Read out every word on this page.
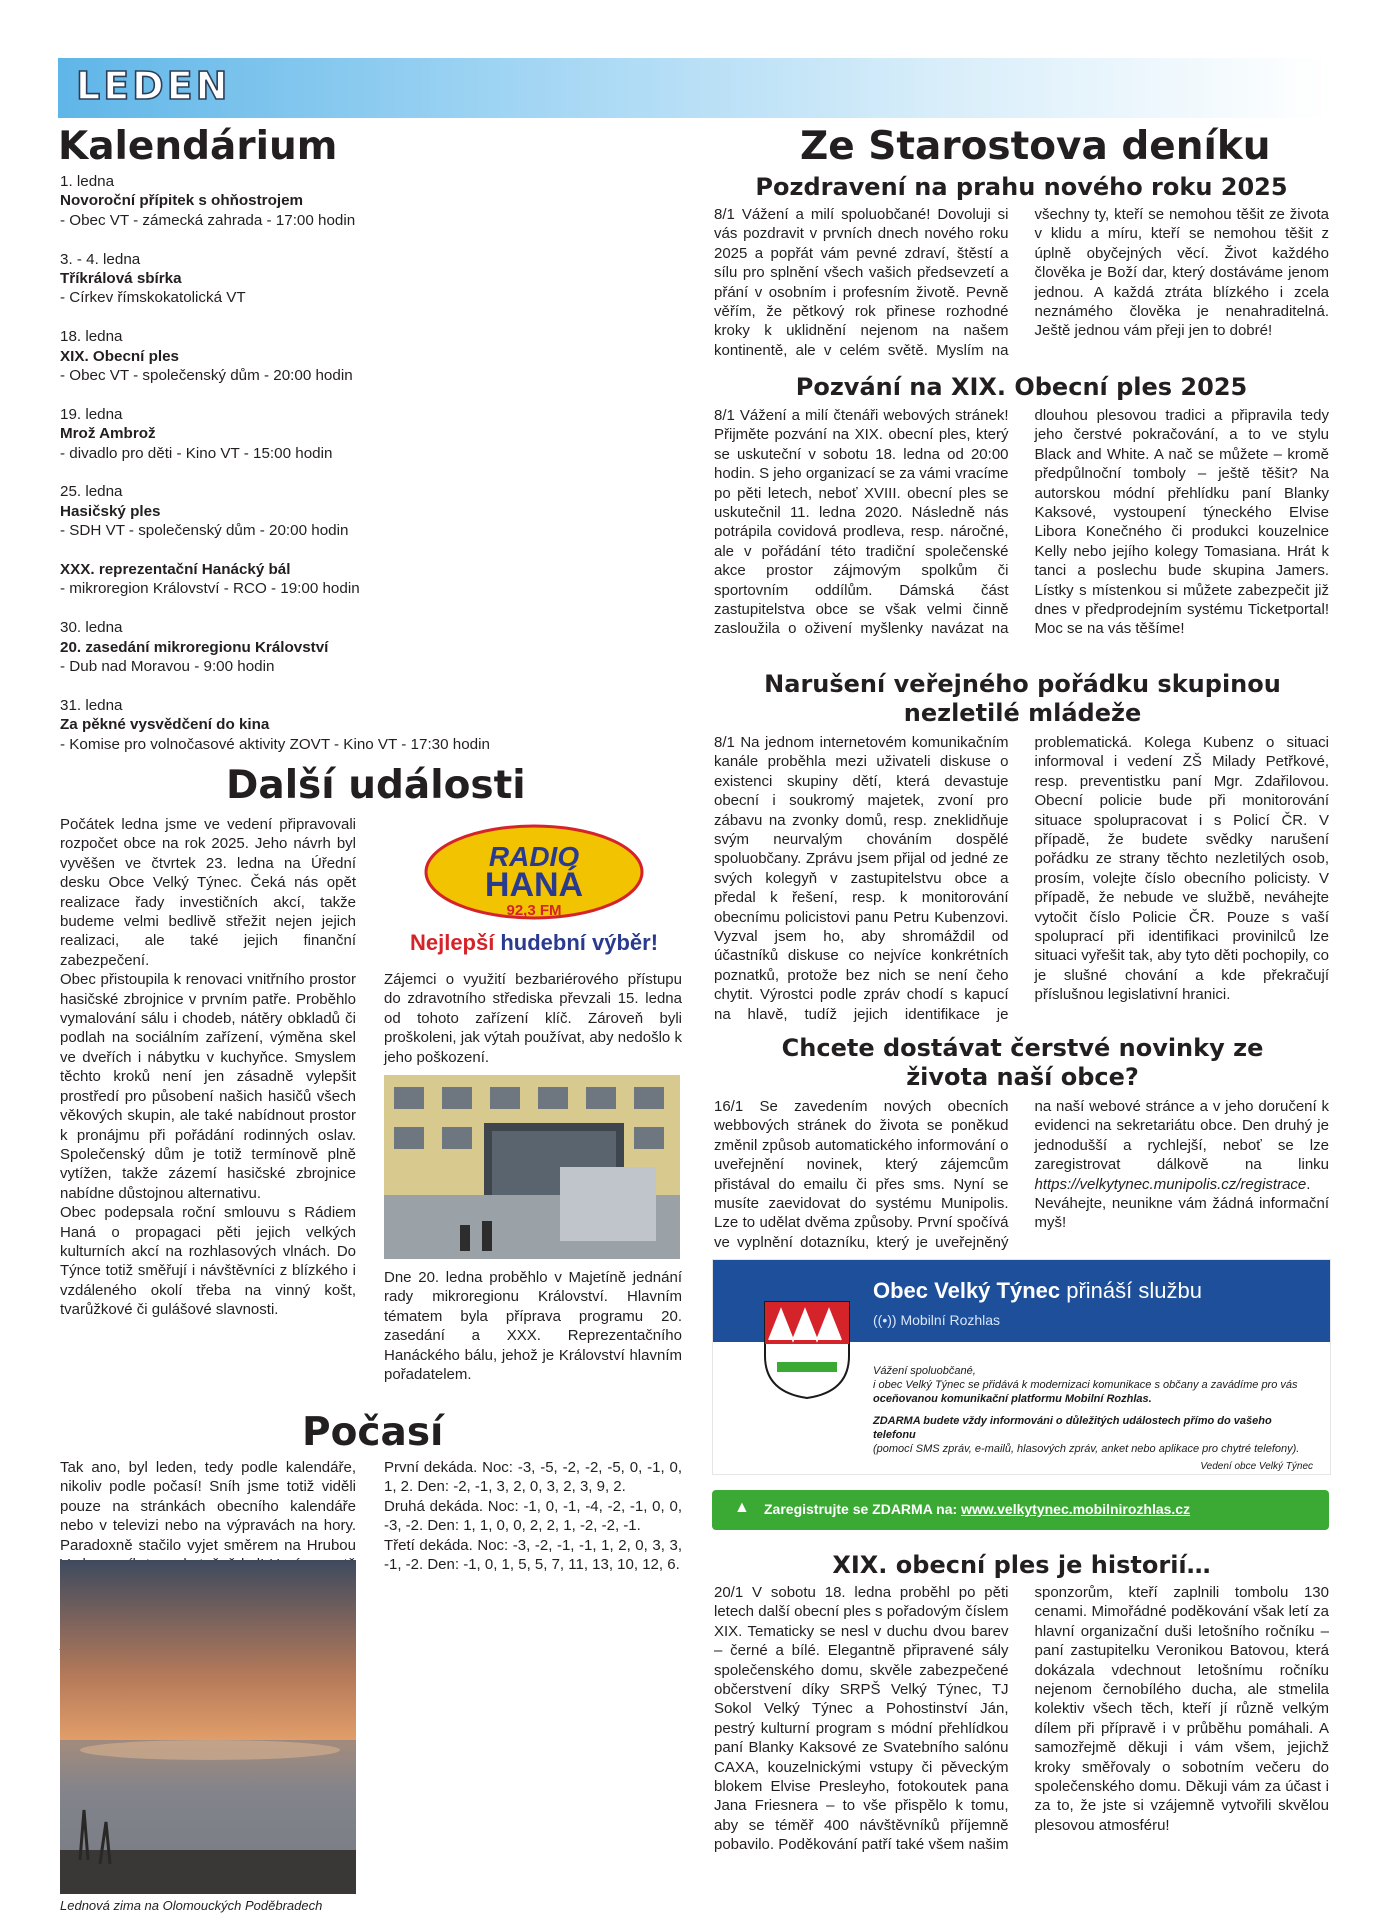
LEDEN
Kalendárium
1. ledna
Novoroční přípitek s ohňostrojem
- Obec VT - zámecká zahrada - 17:00 hodin
3. - 4. ledna
Tříkrálová sbírka
- Církev římskokatolická VT
18. ledna
XIX. Obecní ples
- Obec VT - společenský dům - 20:00 hodin
19. ledna
Mrož Ambrož
- divadlo pro děti - Kino VT - 15:00 hodin
25. ledna
Hasičský ples
- SDH VT - společenský dům - 20:00 hodin
XXX. reprezentační Hanácký bál
- mikroregion Království - RCO - 19:00 hodin
30. ledna
20. zasedání mikroregionu Království
- Dub nad Moravou - 9:00 hodin
31. ledna
Za pěkné vysvědčení do kina
- Komise pro volnočasové aktivity ZOVT - Kino VT - 17:30 hodin
Další události

Počátek ledna jsme ve vedení připravovali rozpočet obce na rok 2025. Jeho návrh byl vyvěšen ve čtvrtek 23. ledna na Úřední desku Obce Velký Týnec. Čeká nás opět realizace řady investičních akcí, takže budeme velmi bedlivě střežit nejen jejich realizaci, ale také jejich finanční zabezpečení.

Obec přistoupila k renovaci vnitřního prostor hasičské zbrojnice v prvním patře. Proběhlo vymalování sálu i chodeb, nátěry obkladů či podlah na sociálním zařízení, výměna skel ve dveřích i nábytku v kuchyňce. Smyslem těchto kroků není jen zásadně vylepšit prostředí pro působení našich hasičů všech věkových skupin, ale také nabídnout prostor k pronájmu při pořádání rodinných oslav. Společenský dům je totiž termínově plně vytížen, takže zázemí hasičské zbrojnice nabídne důstojnou alternativu.

Obec podepsala roční smlouvu s Rádiem Haná o propagaci pěti jejich velkých kulturních akcí na rozhlasových vlnách. Do Týnce totiž směřují i návštěvníci z blízkého i vzdáleného okolí třeba na vinný košt, tvarůžkové či gulášové slavnosti.

RADIO
HANÁ
92,3 FM
Nejlepší hudební výběr!
Zájemci o využití bezbariérového přístupu do zdravotního střediska převzali 15. ledna od tohoto zařízení klíč. Zároveň byli proškoleni, jak výtah používat, aby nedošlo k jeho poškození.
Dne 20. ledna proběhlo v Majetíně jednání rady mikroregionu Království. Hlavním tématem byla příprava programu 20. zasedání a XXX. Reprezentačního Hanáckého bálu, jehož je Království hlavním pořadatelem.
Počasí
Tak ano, byl leden, tedy podle kalendáře, nikoliv podle počasí! Sníh jsme totiž viděli pouze na stránkách obecního kalendáře nebo v televizi nebo na výpravách na hory. Paradoxně stačilo vyjet směrem na Hrubou
Lednová zima na Olomouckých Poděbradech

První dekáda. Noc: -3, -5, -2, -2, -5, 0, -1, 0, 1, 2. Den: -2, -1, 3, 2, 0, 3, 2, 3, 9, 2.

Druhá dekáda. Noc: -1, 0, -1, -4, -2, -1, 0, 0, -3, -2. Den: 1, 1, 0, 0, 2, 2, 1, -2, -2, -1.

Třetí dekáda. Noc: -3, -2, -1, -1, 1, 2, 0, 3, 3, -1, -2. Den: -1, 0, 1, 5, 5, 7, 11, 13, 10, 12, 6.

Ze Starostova deníku
Pozdravení na prahu nového roku 2025
8/1 Vážení a milí spoluobčané! Dovoluji si vás pozdravit v prvních dnech nového roku 2025 a popřát vám pevné zdraví, štěstí a sílu pro splnění všech vašich předsevzetí a přání v osobním i profesním životě. Pevně věřím, že pětkový rok přinese rozhodné kroky k uklidnění nejenom na našem kontinentě, ale v celém světě. Myslím na všechny ty, kteří se nemohou těšit ze života v klidu a míru, kteří se nemohou těšit z úplně obyčejných věcí. Život každého člověka je Boží dar, který dostáváme jenom jednou. A každá ztráta blízkého i zcela neznámého člověka je nenahraditelná. Ještě jednou vám přeji jen to dobré!
Pozvání na XIX. Obecní ples 2025
8/1 Vážení a milí čtenáři webových stránek! Přijměte pozvání na XIX. obecní ples, který se uskuteční v sobotu 18. ledna od 20:00 hodin. S jeho organizací se za vámi vracíme po pěti letech, neboť XVIII. obecní ples se uskutečnil 11. ledna 2020. Následně nás potrápila covidová prodleva, resp. náročné, ale v pořádání této tradiční společenské akce prostor zájmovým spolkům či sportovním oddílům. Dámská část zastupitelstva obce se však velmi činně zasloužila o oživení myšlenky navázat na dlouhou plesovou tradici a připravila tedy jeho čerstvé pokračování, a to ve stylu Black and White. A nač se můžete – kromě předpůlnoční tomboly – ještě těšit? Na autorskou módní přehlídku paní Blanky Kaksové, vystoupení týneckého Elvise Libora Konečného či produkci kouzelnice Kelly nebo jejího kolegy Tomasiana. Hrát k tanci a poslechu bude skupina Jamers. Lístky s místenkou si můžete zabezpečit již dnes v předprodejním systému Ticketportal! Moc se na vás těšíme!
Narušení veřejného pořádku skupinou nezletilé mládeže
8/1 Na jednom internetovém komunikačním kanále proběhla mezi uživateli diskuse o existenci skupiny dětí, která devastuje obecní i soukromý majetek, zvoní pro zábavu na zvonky domů, resp. zneklidňuje svým neurvalým chováním dospělé spoluobčany. Zprávu jsem přijal od jedné ze svých kolegyň v zastupitelstvu obce a předal k řešení, resp. k monitorování obecnímu policistovi panu Petru Kubenzovi. Vyzval jsem ho, aby shromáždil od účastníků diskuse co nejvíce konkrétních poznatků, protože bez nich se není čeho chytit. Výrostci podle zpráv chodí s kapucí na hlavě, tudíž jejich identifikace je problematická. Kolega Kubenz o situaci informoval i vedení ZŠ Milady Petřkové, resp. preventistku paní Mgr. Zdařilovou. Obecní policie bude při monitorování situace spolupracovat i s Policí ČR. V případě, že budete svědky narušení pořádku ze strany těchto nezletilých osob, prosím, volejte číslo obecního policisty. V případě, že nebude ve službě, neváhejte vytočit číslo Policie ČR. Pouze s vaší spoluprací při identifikaci provinilců lze situaci vyřešit tak, aby tyto děti pochopily, co je slušné chování a kde překračují příslušnou legislativní hranici.
Chcete dostávat čerstvé novinky ze života naší obce?
16/1 Se zavedením nových obecních webbových stránek do života se poněkud změnil způsob automatického informování o uveřejnění novinek, který zájemcům přistával do emailu či přes sms. Nyní se musíte zaevidovat do systému Munipolis. Lze to udělat dvěma způsoby. První spočívá ve vyplnění dotazníku, který je uveřejněný na naší webové stránce a v jeho doručení k evidenci na sekretariátu obce. Den druhý je jednodušší a rychlejší, neboť se lze zaregistrovat dálkově na linku https://velkytynec.munipolis.cz/registrace. Neváhejte, neunikne vám žádná informační myš!
Obec Velký Týnec přináší službu
((•)) Mobilní Rozhlas
Vážení spoluobčané,
i obec Velký Týnec se přidává k modernizaci komunikace s občany a zavádíme pro vás
oceňovanou komunikační platformu Mobilní Rozhlas.
ZDARMA budete vždy informováni o důležitých událostech přímo do vašeho telefonu
(pomocí SMS zpráv, e-mailů, hlasových zpráv, anket nebo aplikace pro chytré telefony).
Vedení obce Velký Týnec
▲ Zaregistrujte se ZDARMA na: www.velkytynec.mobilnirozhlas.cz
XIX. obecní ples je historií…
20/1 V sobotu 18. ledna proběhl po pěti letech další obecní ples s pořadovým číslem XIX. Tematicky se nesl v duchu dvou barev – černé a bílé. Elegantně připravené sály společenského domu, skvěle zabezpečené občerstvení díky SRPŠ Velký Týnec, TJ Sokol Velký Týnec a Pohostinství Ján, pestrý kulturní program s módní přehlídkou paní Blanky Kaksové ze Svatebního salónu CAXA, kouzelnickými vstupy či pěveckým blokem Elvise Presleyho, fotokoutek pana Jana Friesnera – to vše přispělo k tomu, aby se téměř 400 návštěvníků příjemně pobavilo. Poděkování patří také všem našim sponzorům, kteří zaplnili tombolu 130 cenami. Mimořádné poděkování však letí za hlavní organizační duši letošního ročníku – paní zastupitelku Veronikou Batovou, která dokázala vdechnout letošnímu ročníku nejenom černobílého ducha, ale stmelila kolektiv všech těch, kteří jí různě velkým dílem při přípravě i v průběhu pomáhali. A samozřejmě děkuji i vám všem, jejichž kroky směřovaly o sobotním večeru do společenského domu. Děkuji vám za účast i za to, že jste si vzájemně vytvořili skvělou plesovou atmosféru!
